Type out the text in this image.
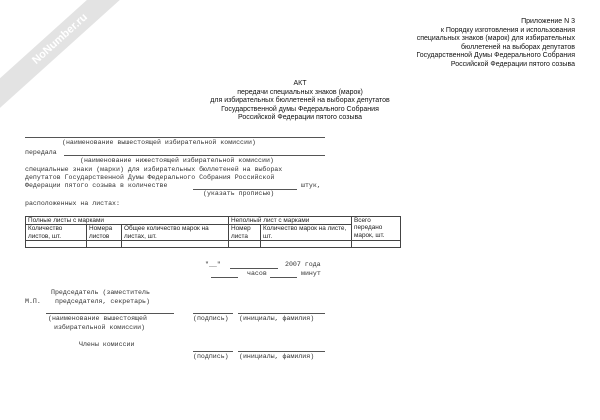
NoNumber.ru	Приложение N 3
к Порядку изготовления и использования
специальных знаков (марок) для избирательных
бюллетеней на выборах депутатов
Государственной Думы Федерального Собрания
Российской Федерации пятого созыва
АКТ
передачи специальных знаков (марок)
для избирательных бюллетеней на выборах депутатов
Государственной думы Федерального Собрания
Российской Федерации пятого созыва
(наименование вышестоящей избирательной комиссии)
передала
(наименование нижестоящей избирательной комиссии)
специальные знаки (марки) для избирательных бюллетеней на выборах
депутатов Государственной Думы Федерального Собрания Российской
Федерации пятого созыва в количестве	штук,
(указать прописью)
расположенных на листах:
Полные листы с марками			Неполный лист с марками		Всего передано марок, шт.
Количество листов, шт.	Номера листов	Общее количество марок на листах, шт.	Номер листа	Количество марок на листе, шт.	

"__"	2007 года
часов	минут
Председатель (заместитель
М.П. председателя, секретарь)
(наименование вышестоящей
избирательной комиссии)
(подпись) (инициалы, фамилия)
Члены комиссии
(подпись) (инициалы, фамилия)
